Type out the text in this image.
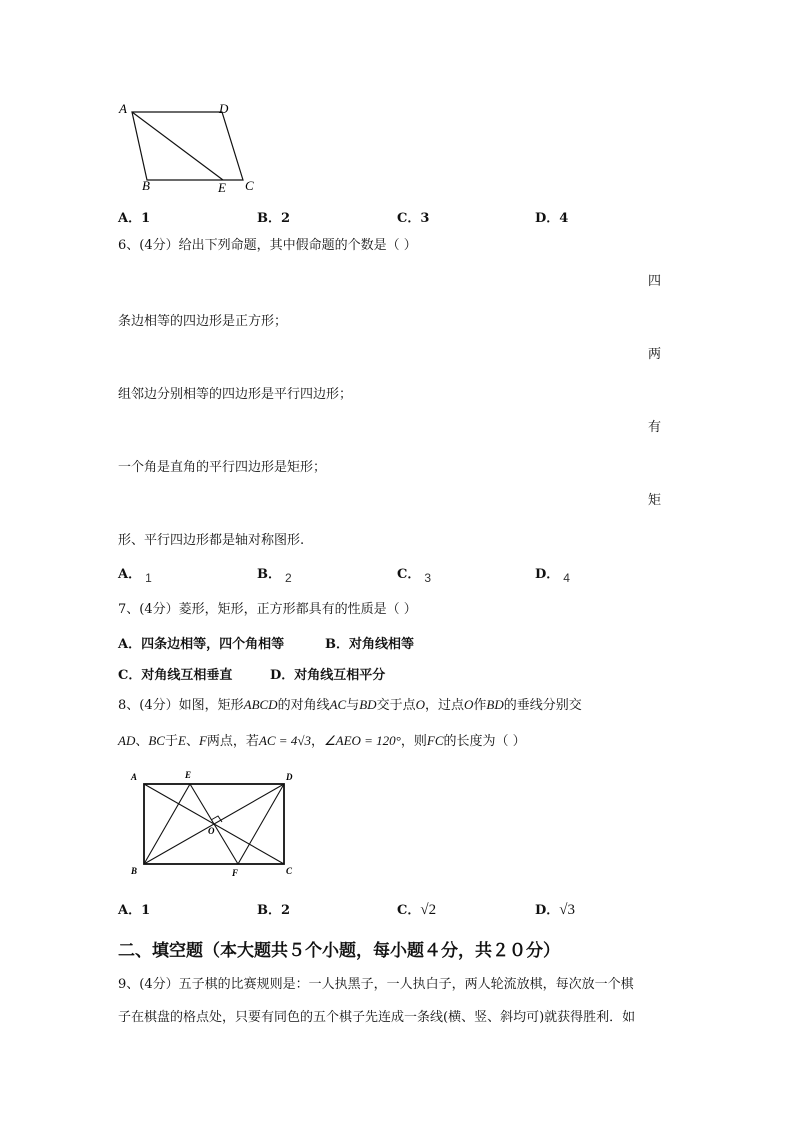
A	D
B	E C
A．1	B．2	C．3	D．4
6、(4分）给出下列命题，其中假命题的个数是（ ）
四
条边相等的四边形是正方形；
两
组邻边分别相等的四边形是平行四边形；
有
一个角是直角的平行四边形是矩形；
矩
形、平行四边形都是轴对称图形.
A． 1	B． 2	C． 3	D． 4
7、(4分）菱形，矩形，正方形都具有的性质是（ ）
A．四条边相等，四个角相等	B．对角线相等
C．对角线互相垂直	D．对角线互相平分
8、(4分）如图，矩形ABCD的对角线AC与BD交于点O，过点O作BD的垂线分别交
AD、BC于E、F两点，若AC = 4√3，∠AEO = 120°，则FC的长度为（ ）
A	E	D
O
B	F	C
A．1	B．2	C．√2	D．√3
二、填空题（本大题共５个小题，每小题４分，共２０分）
9、(4分）五子棋的比赛规则是：一人执黑子，一人执白子，两人轮流放棋，每次放一个棋
子在棋盘的格点处，只要有同色的五个棋子先连成一条线(横、竖、斜均可)就获得胜利．如
